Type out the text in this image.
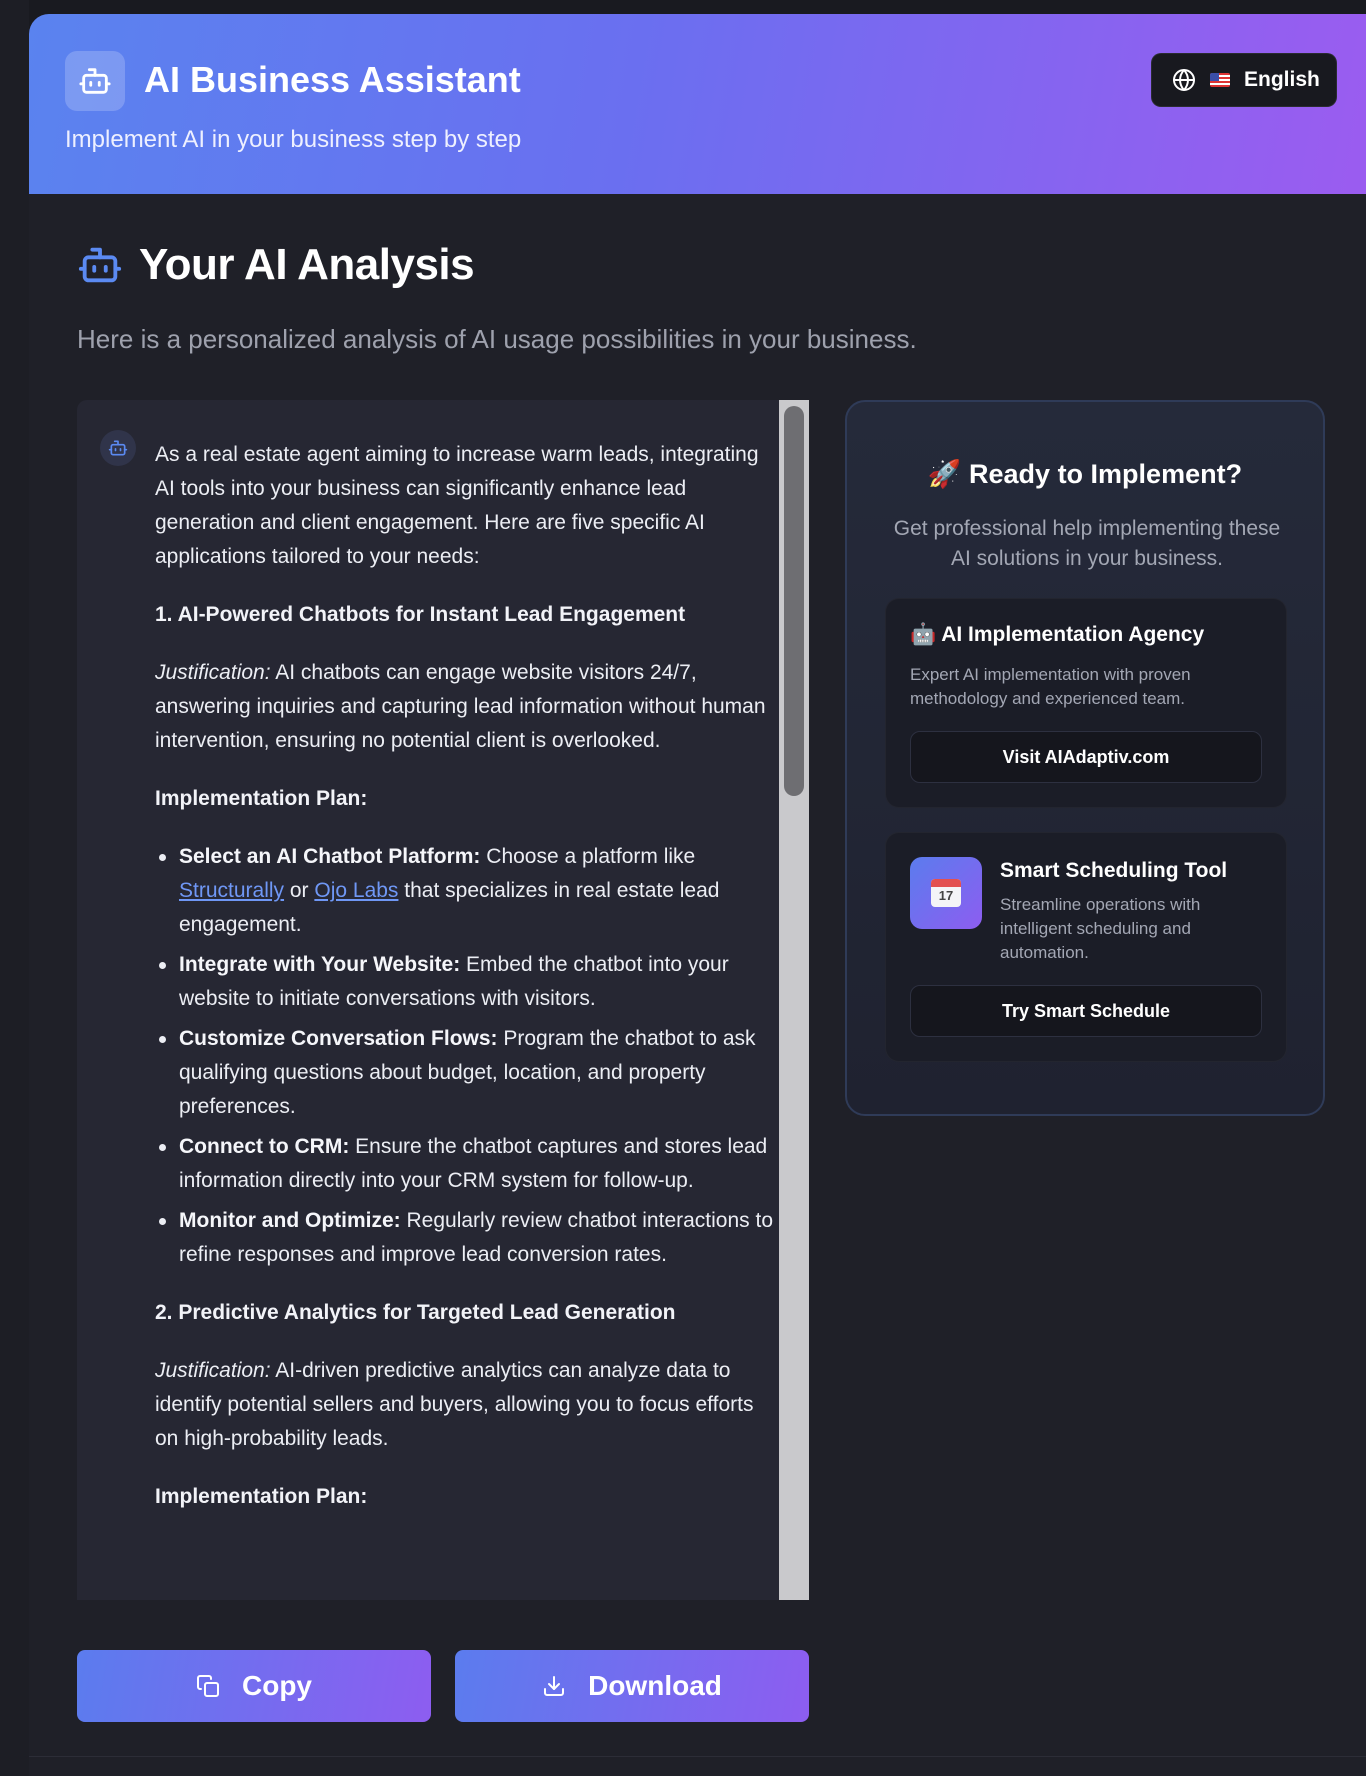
AI Business Assistant
Implement AI in your business step by step
English
Your AI Analysis
Here is a personalized analysis of AI usage possibilities in your business.

As a real estate agent aiming to increase warm leads, integrating AI tools into your business can significantly enhance lead generation and client engagement. Here are five specific AI applications tailored to your needs:

1. AI-Powered Chatbots for Instant Lead Engagement

Justification: AI chatbots can engage website visitors 24/7, answering inquiries and capturing lead information without human intervention, ensuring no potential client is overlooked.

Implementation Plan:
Select an AI Chatbot Platform: Choose a platform like Structurally or Ojo Labs that specializes in real estate lead engagement.
Integrate with Your Website: Embed the chatbot into your website to initiate conversations with visitors.
Customize Conversation Flows: Program the chatbot to ask qualifying questions about budget, location, and property preferences.
Connect to CRM: Ensure the chatbot captures and stores lead information directly into your CRM system for follow-up.
Monitor and Optimize: Regularly review chatbot interactions to refine responses and improve lead conversion rates.
2. Predictive Analytics for Targeted Lead Generation

Justification: AI-driven predictive analytics can analyze data to identify potential sellers and buyers, allowing you to focus efforts on high-probability leads.

Implementation Plan:
Copy	Download
🚀 Ready to Implement?
Get professional help implementing these AI solutions in your business.
🤖 AI Implementation Agency
Expert AI implementation with proven methodology and experienced team.
Visit AIAdaptiv.com
17
Smart Scheduling Tool
Streamline operations with intelligent scheduling and automation.
Try Smart Schedule
